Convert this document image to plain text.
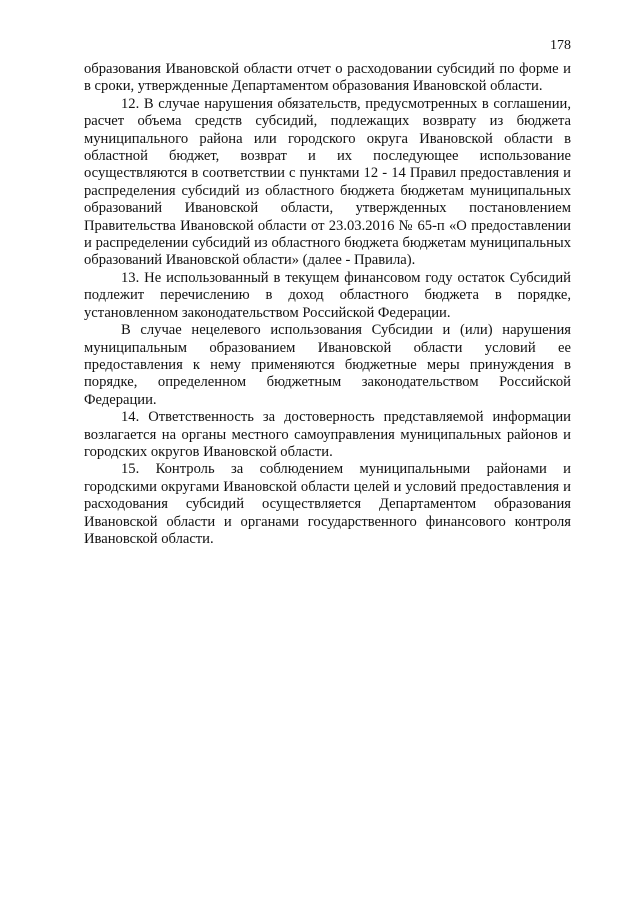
178

образования Ивановской области отчет о расходовании субсидий по форме и в сроки, утвержденные Департаментом образования Ивановской области.

12. В случае нарушения обязательств, предусмотренных в соглашении, расчет объема средств субсидий, подлежащих возврату из бюджета муниципального района или городского округа Ивановской области в областной бюджет, возврат и их последующее использование осуществляются в соответствии с пунктами 12 - 14 Правил предоставления и распределения субсидий из областного бюджета бюджетам муниципальных образований Ивановской области, утвержденных постановлением Правительства Ивановской области от 23.03.2016 № 65-п «О предоставлении и распределении субсидий из областного бюджета бюджетам муниципальных образований Ивановской области» (далее - Правила).

13. Не использованный в текущем финансовом году остаток Субсидий подлежит перечислению в доход областного бюджета в порядке, установленном законодательством Российской Федерации.

В случае нецелевого использования Субсидии и (или) нарушения муниципальным образованием Ивановской области условий ее предоставления к нему применяются бюджетные меры принуждения в порядке, определенном бюджетным законодательством Российской Федерации.

14. Ответственность за достоверность представляемой информации возлагается на органы местного самоуправления муниципальных районов и городских округов Ивановской области.

15. Контроль за соблюдением муниципальными районами и городскими округами Ивановской области целей и условий предоставления и расходования субсидий осуществляется Департаментом образования Ивановской области и органами государственного финансового контроля Ивановской области.
